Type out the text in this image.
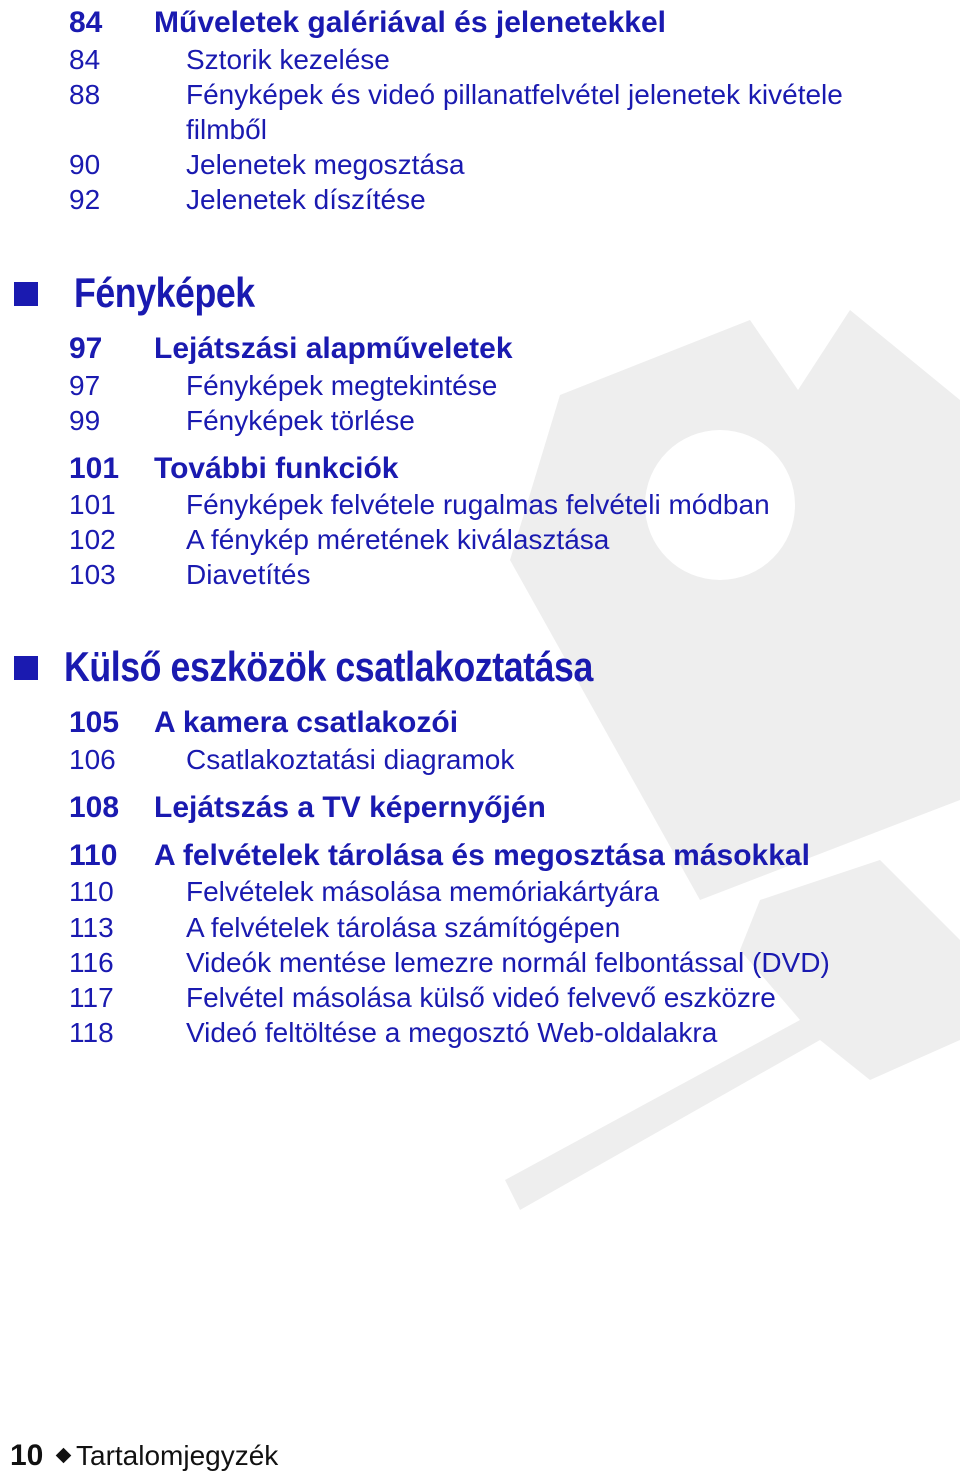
84 Műveletek galériával és jelenetekkel
84	Sztorik kezelése
88	Fényképek és videó pillanatfelvétel jelenetek kivétele
filmből
90	Jelenetek megosztása
92	Jelenetek díszítése
Fényképek
97 Lejátszási alapműveletek
97	Fényképek megtekintése
99	Fényképek törlése
101 További funkciók
101	Fényképek felvétele rugalmas felvételi módban
102	A fénykép méretének kiválasztása
103	Diavetítés
Külső eszközök csatlakoztatása
105 A kamera csatlakozói
106	Csatlakoztatási diagramok
108 Lejátszás a TV képernyőjén
110 A felvételek tárolása és megosztása másokkal
110	Felvételek másolása memóriakártyára
113	A felvételek tárolása számítógépen
116	Videók mentése lemezre normál felbontással (DVD)
117	Felvétel másolása külső videó felvevő eszközre
118	Videó feltöltése a megosztó Web-oldalakra
10 Tartalomjegyzék
